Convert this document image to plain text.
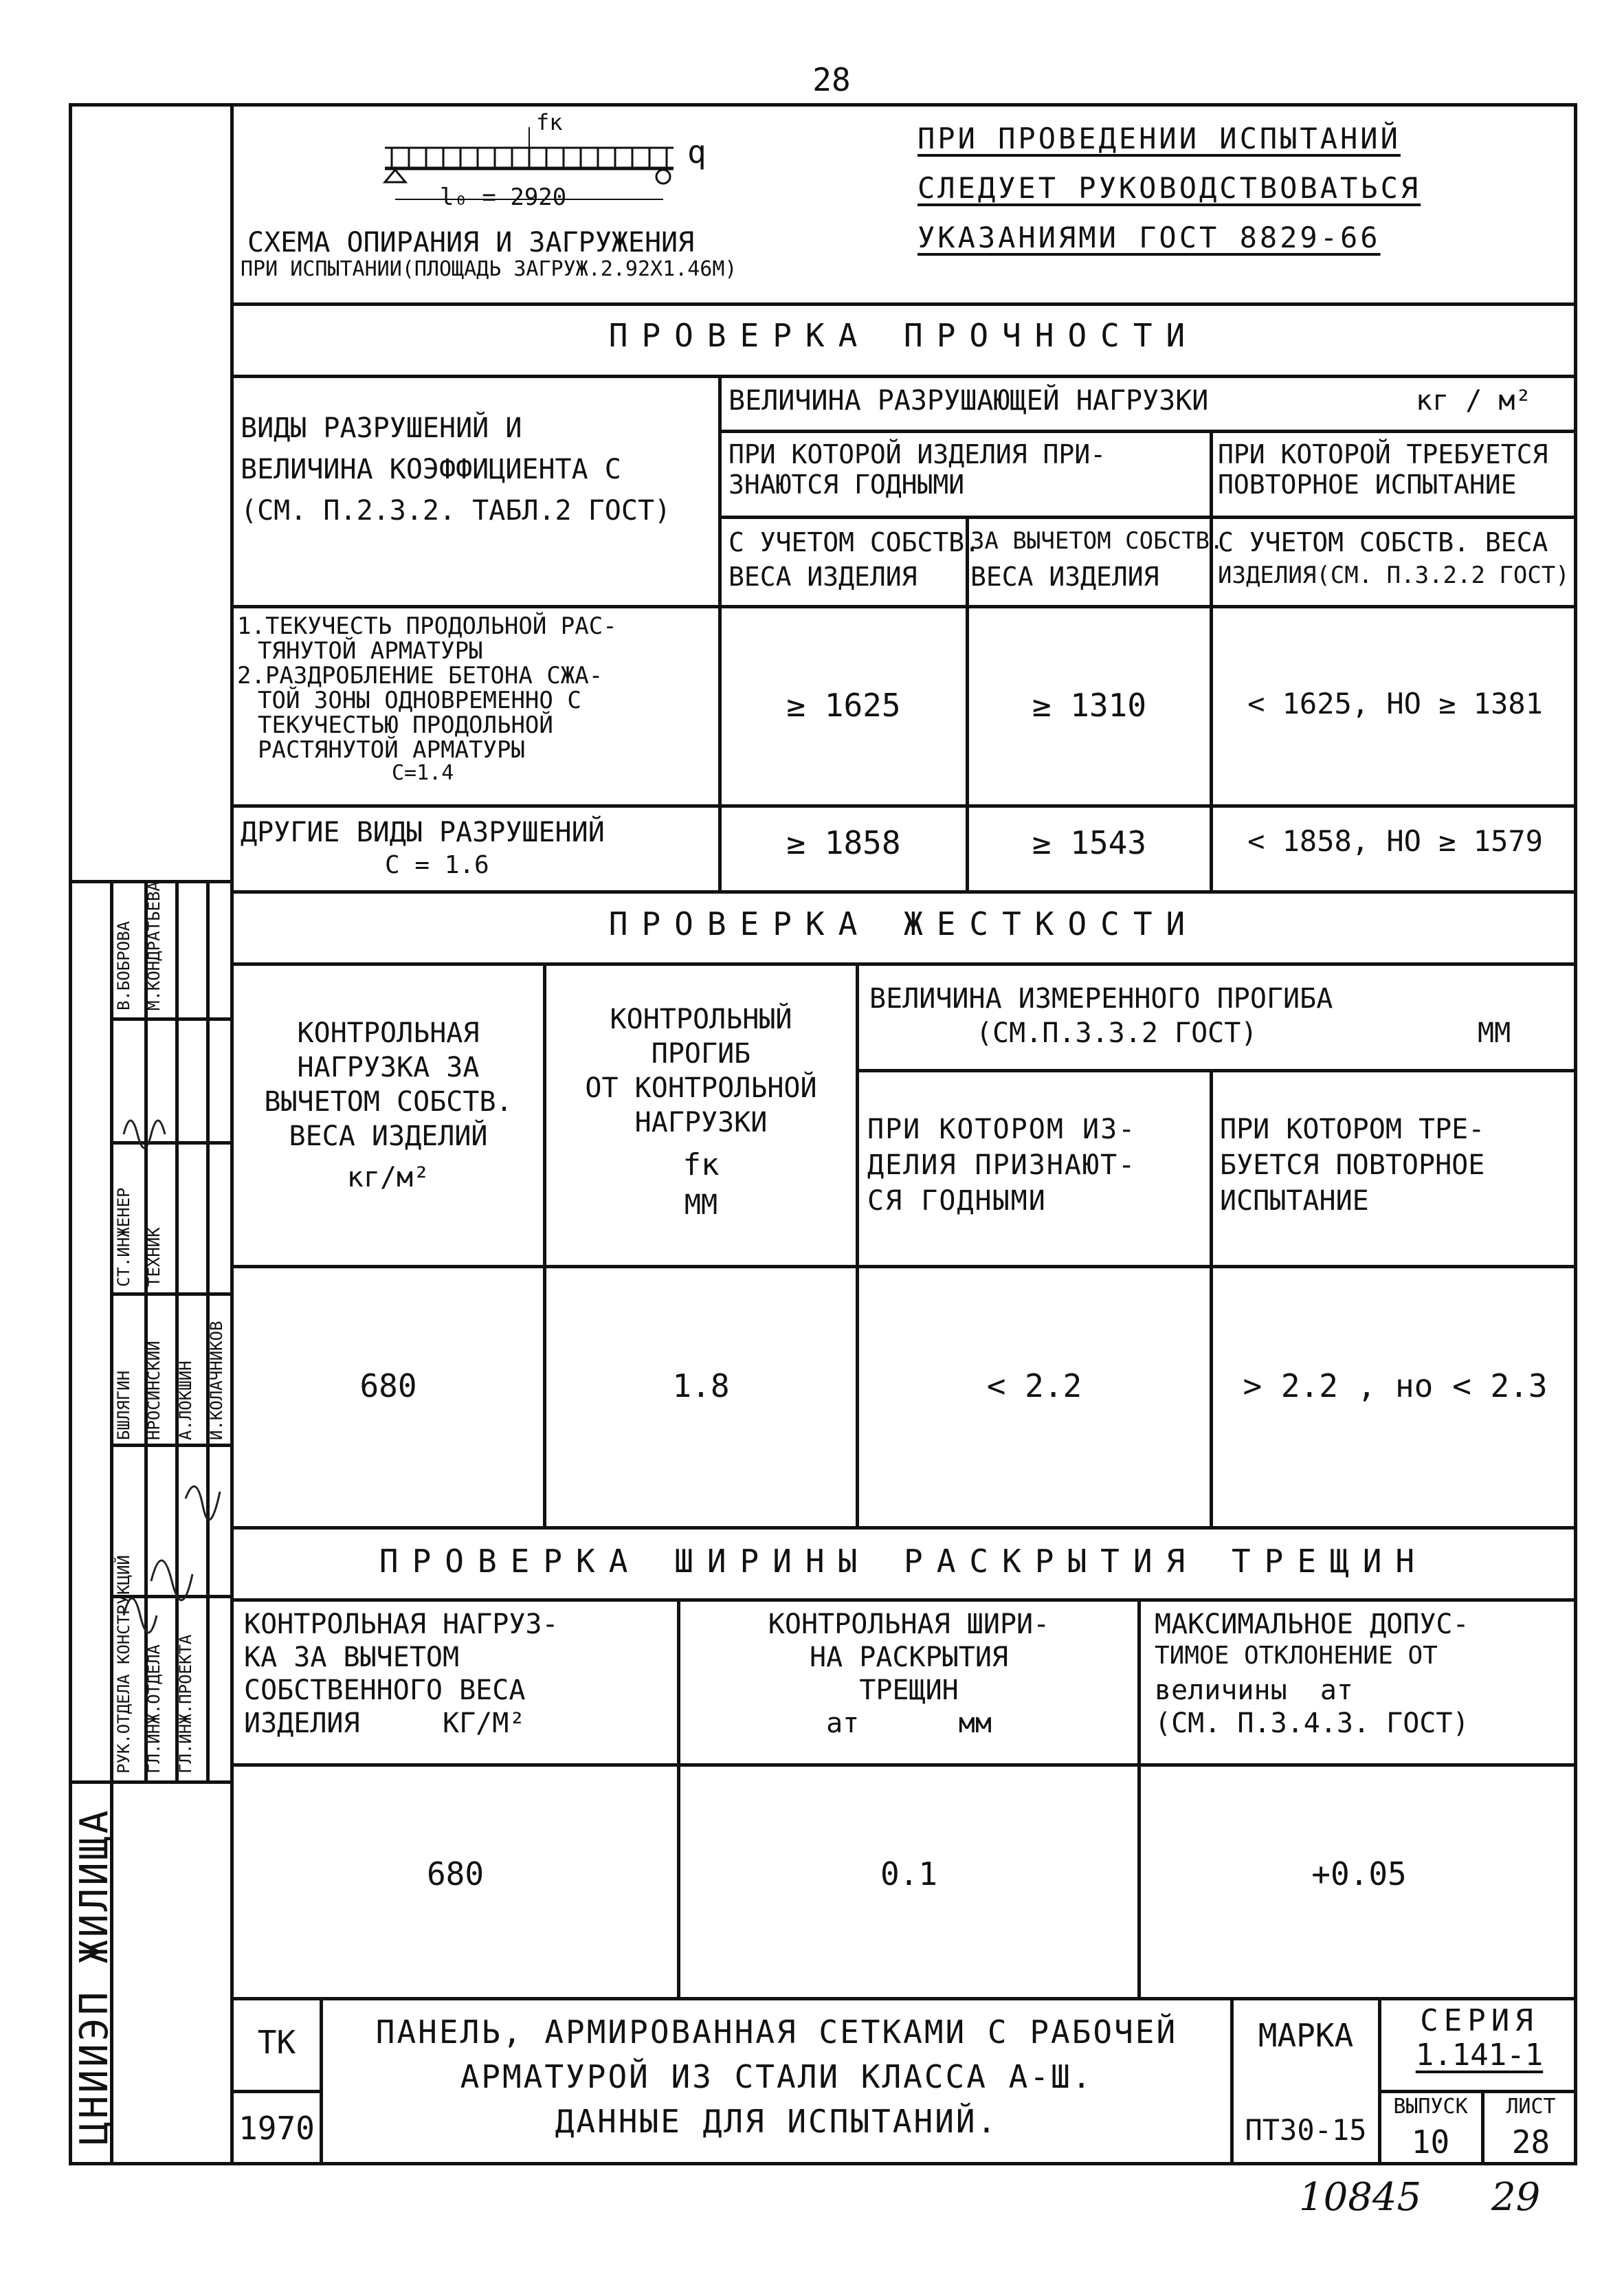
28
РУК.ОТДЕЛА КОНСТРУКЦИЙ ГЛ.ИНЖ.ОТДЕЛА ГЛ.ИНЖ.ПРОЕКТА
СТ.ИНЖЕНЕР ТЕХНИК
БШЛЯГИН
В.БОБРОВА
НРОСИНСКИЙ А.ЛОКШИН И.КОЛАЧНИКОВ
М.КОНДРАТЬЕВА
ЦНИИЭП ЖИЛИЩА
fк
q
l₀ = 2920
СХЕМА ОПИРАНИЯ И ЗАГРУЖЕНИЯ
ПРИ ИСПЫТАНИИ(ПЛОЩАДЬ ЗАГРУЖ.2.92Х1.46М)
ПРИ ПРОВЕДЕНИИ ИСПЫТАНИЙ
СЛЕДУЕТ РУКОВОДСТВОВАТЬСЯ
УКАЗАНИЯМИ ГОСТ 8829-66
ПРОВЕРКА ПРОЧНОСТИ
ВИДЫ РАЗРУШЕНИЙ И
ВЕЛИЧИНА КОЭФФИЦИЕНТА С
(СМ. П.2.3.2. ТАБЛ.2 ГОСТ)
ВЕЛИЧИНА РАЗРУШАЮЩЕЙ НАГРУЗКИ	кг / м²
ПРИ КОТОРОЙ ИЗДЕЛИЯ ПРИ-
ЗНАЮТСЯ ГОДНЫМИ
ПРИ КОТОРОЙ ТРЕБУЕТСЯ
ПОВТОРНОЕ ИСПЫТАНИЕ
С УЧЕТОМ СОБСТВ.
ВЕСА ИЗДЕЛИЯ
ЗА ВЫЧЕТОМ СОБСТВ.
ВЕСА ИЗДЕЛИЯ
С УЧЕТОМ СОБСТВ. ВЕСА
ИЗДЕЛИЯ(СМ. П.3.2.2 ГОСТ)
1.ТЕКУЧЕСТЬ ПРОДОЛЬНОЙ РАС-
ТЯНУТОЙ АРМАТУРЫ
2.РАЗДРОБЛЕНИЕ БЕТОНА СЖА-
ТОЙ ЗОНЫ ОДНОВРЕМЕННО С
ТЕКУЧЕСТЬЮ ПРОДОЛЬНОЙ
РАСТЯНУТОЙ АРМАТУРЫ
С=1.4
≥ 1625	≥ 1310	< 1625, НО ≥ 1381
ДРУГИЕ ВИДЫ РАЗРУШЕНИЙ
С = 1.6
≥ 1858	≥ 1543	< 1858, НО ≥ 1579
ПРОВЕРКА ЖЕСТКОСТИ
КОНТРОЛЬНАЯ
НАГРУЗКА ЗА
ВЫЧЕТОМ СОБСТВ.
ВЕСА ИЗДЕЛИЙ
кг/м²
КОНТРОЛЬНЫЙ
ПРОГИБ
ОТ КОНТРОЛЬНОЙ
НАГРУЗКИ
fк
ММ
ВЕЛИЧИНА ИЗМЕРЕННОГО ПРОГИБА
(СМ.П.3.3.2 ГОСТ)	ММ
ПРИ КОТОРОМ ИЗ-
ДЕЛИЯ ПРИЗНАЮТ-
СЯ ГОДНЫМИ
ПРИ КОТОРОМ ТРЕ-
БУЕТСЯ ПОВТОРНОЕ
ИСПЫТАНИЕ
680	1.8	< 2.2	> 2.2 , но < 2.3
ПРОВЕРКА ШИРИНЫ РАСКРЫТИЯ ТРЕЩИН
КОНТРОЛЬНАЯ НАГРУЗ-
КА ЗА ВЫЧЕТОМ
СОБСТВЕННОГО ВЕСА
ИЗДЕЛИЯ     КГ/М²
КОНТРОЛЬНАЯ ШИРИ-
НА РАСКРЫТИЯ
ТРЕЩИН
aт      мм
МАКСИМАЛЬНОЕ ДОПУС-
ТИМОЕ ОТКЛОНЕНИЕ ОТ
величины  aт
(СМ. П.3.4.3. ГОСТ)
680	0.1	+0.05
ТК
1970
ПАНЕЛЬ, АРМИРОВАННАЯ СЕТКАМИ С РАБОЧЕЙ
АРМАТУРОЙ ИЗ СТАЛИ КЛАССА А-Ш.
ДАННЫЕ ДЛЯ ИСПЫТАНИЙ.
МАРКА
ПТ30-15
СЕРИЯ
1.141-1
ВЫПУСК
10
ЛИСТ
28
10845 29
